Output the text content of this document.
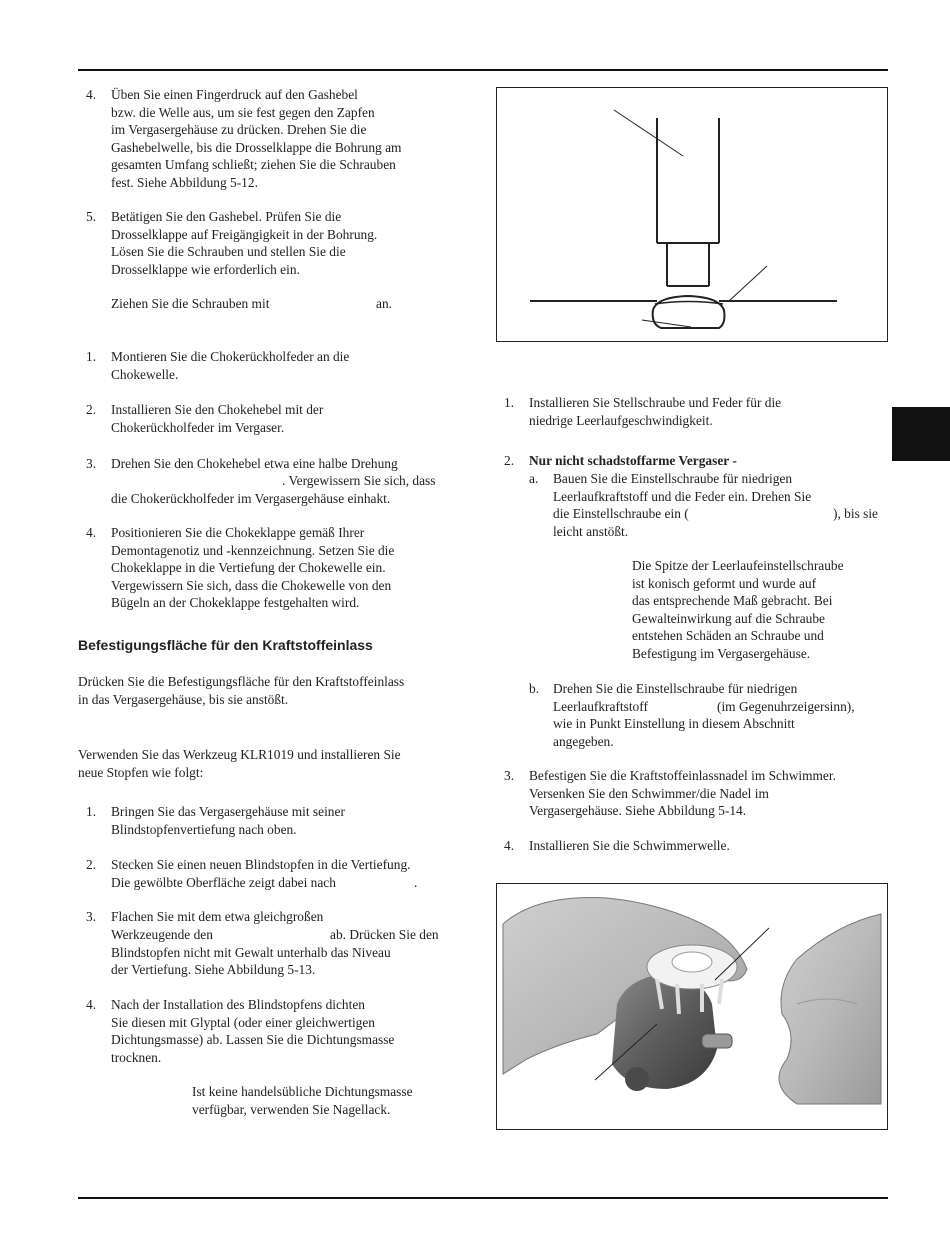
4. Üben Sie einen Fingerdruck auf den Gashebel
bzw. die Welle aus, um sie fest gegen den Zapfen
im Vergasergehäuse zu drücken. Drehen Sie die
Gashebelwelle, bis die Drosselklappe die Bohrung am
gesamten Umfang schließt; ziehen Sie die Schrauben
fest. Siehe Abbildung 5-12.
5. Betätigen Sie den Gashebel. Prüfen Sie die
Drosselklappe auf Freigängigkeit in der Bohrung.
Lösen Sie die Schrauben und stellen Sie die
Drosselklappe wie erforderlich ein.
Ziehen Sie die Schrauben mit	an.
1. Montieren Sie die Chokerückholfeder an die
Chokewelle.
2. Installieren Sie den Chokehebel mit der
Chokerückholfeder im Vergaser.
3. Drehen Sie den Chokehebel etwa eine halbe Drehung
. Vergewissern Sie sich, dass
die Chokerückholfeder im Vergasergehäuse einhakt.
4. Positionieren Sie die Chokeklappe gemäß Ihrer
Demontagenotiz und -kennzeichnung. Setzen Sie die
Chokeklappe in die Vertiefung der Chokewelle ein.
Vergewissern Sie sich, dass die Chokewelle von den
Bügeln an der Chokeklappe festgehalten wird.
Befestigungsfläche für den Kraftstoffeinlass
Drücken Sie die Befestigungsfläche für den Kraftstoffeinlass
in das Vergasergehäuse, bis sie anstößt.
Verwenden Sie das Werkzeug KLR1019 und installieren Sie
neue Stopfen wie folgt:
1. Bringen Sie das Vergasergehäuse mit seiner
Blindstopfenvertiefung nach oben.
2. Stecken Sie einen neuen Blindstopfen in die Vertiefung.
Die gewölbte Oberfläche zeigt dabei nach	.
3. Flachen Sie mit dem etwa gleichgroßen
Werkzeugende den	ab. Drücken Sie den
Blindstopfen nicht mit Gewalt unterhalb das Niveau
der Vertiefung. Siehe Abbildung 5-13.
4. Nach der Installation des Blindstopfens dichten
Sie diesen mit Glyptal (oder einer gleichwertigen
Dichtungsmasse) ab. Lassen Sie die Dichtungsmasse
trocknen.
Ist keine handelsübliche Dichtungsmasse
verfügbar, verwenden Sie Nagellack.
1. Installieren Sie Stellschraube und Feder für die
niedrige Leerlaufgeschwindigkeit.
2. Nur nicht schadstoffarme Vergaser -
a. Bauen Sie die Einstellschraube für niedrigen
Leerlaufkraftstoff und die Feder ein. Drehen Sie
die Einstellschraube ein (	), bis sie
leicht anstößt.
Die Spitze der Leerlaufeinstellschraube
ist konisch geformt und wurde auf
das entsprechende Maß gebracht. Bei
Gewalteinwirkung auf die Schraube
entstehen Schäden an Schraube und
Befestigung im Vergasergehäuse.
b. Drehen Sie die Einstellschraube für niedrigen
Leerlaufkraftstoff	(im Gegenuhrzeigersinn),
wie in Punkt Einstellung in diesem Abschnitt
angegeben.
3. Befestigen Sie die Kraftstoffeinlassnadel im Schwimmer.
Versenken Sie den Schwimmer/die Nadel im
Vergasergehäuse. Siehe Abbildung 5-14.
4. Installieren Sie die Schwimmerwelle.
